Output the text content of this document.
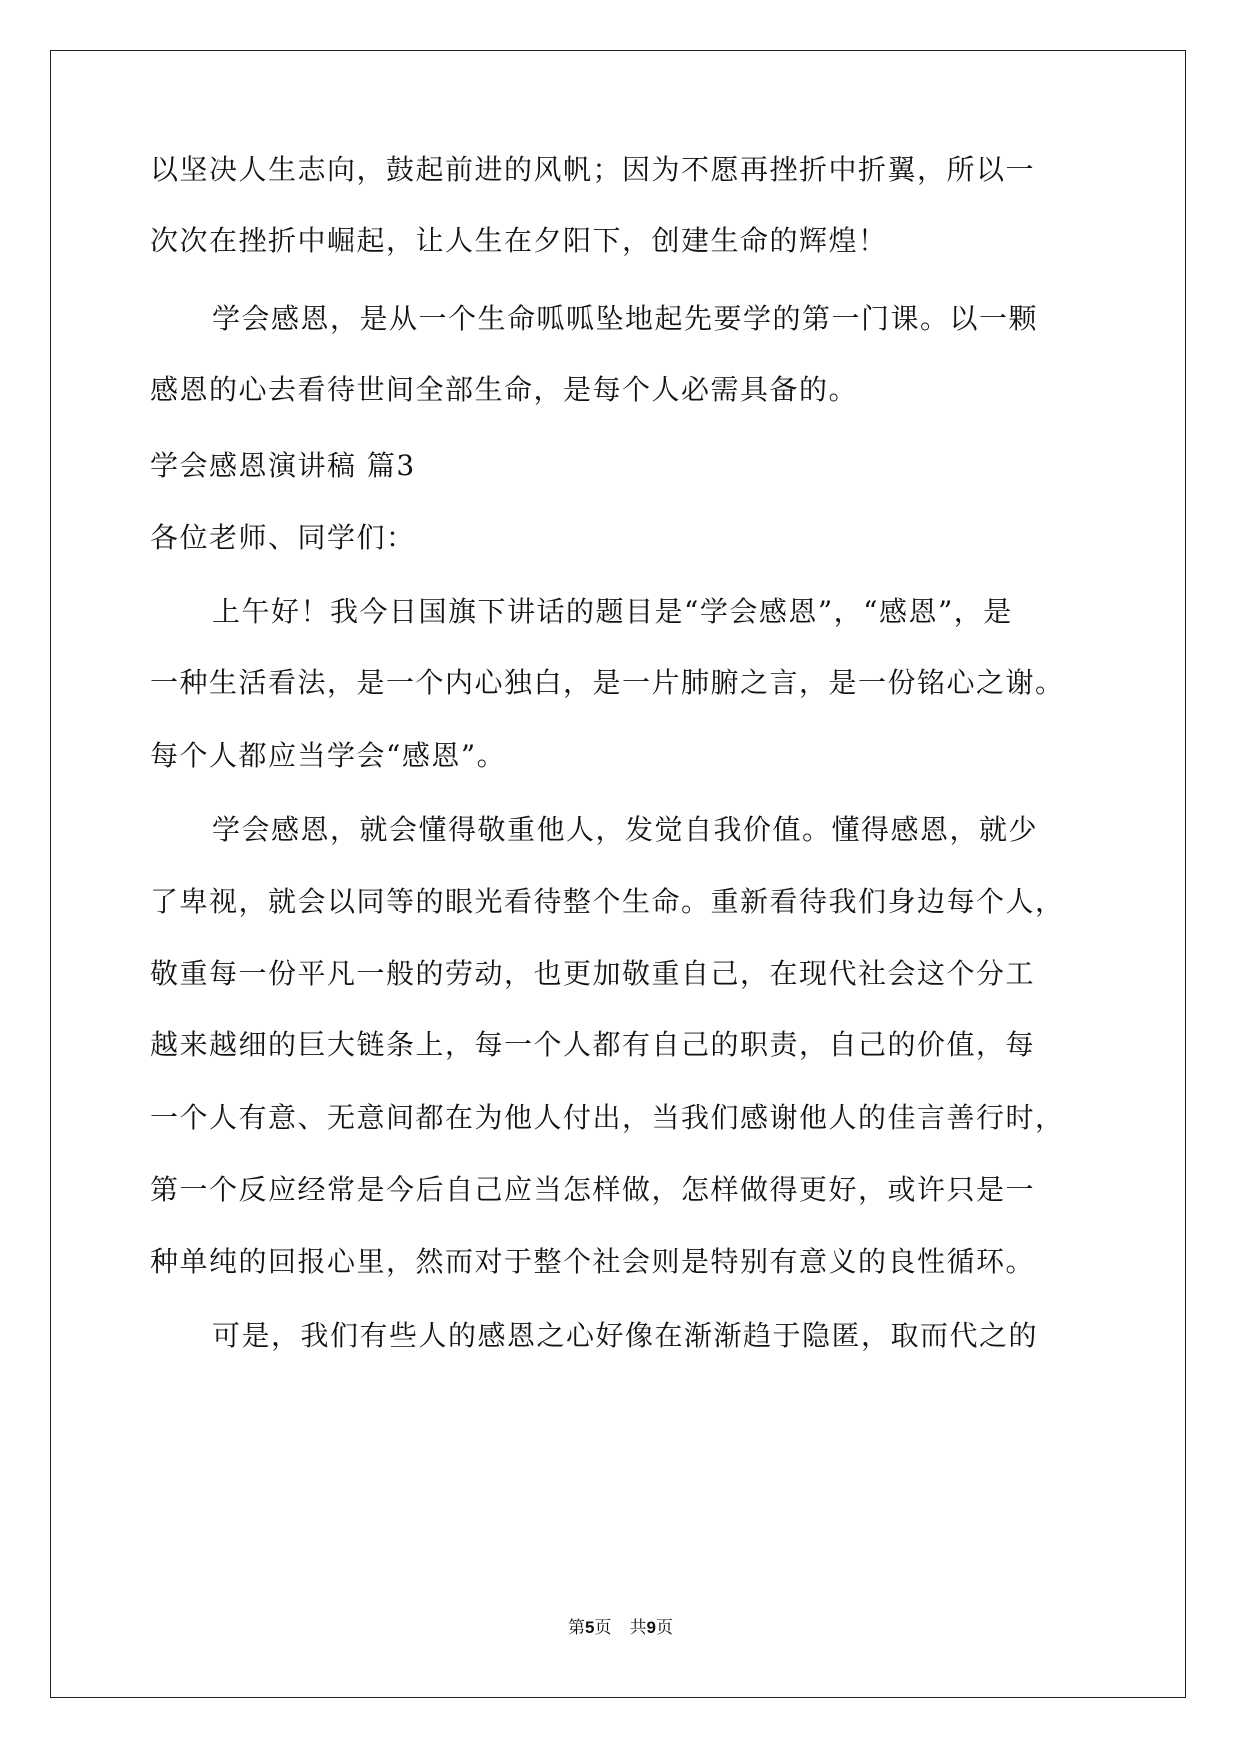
以坚决人生志向，鼓起前进的风帆；因为不愿再挫折中折翼，所以一
次次在挫折中崛起，让人生在夕阳下，创建生命的辉煌！
学会感恩，是从一个生命呱呱坠地起先要学的第一门课。以一颗
感恩的心去看待世间全部生命，是每个人必需具备的。
学会感恩演讲稿 篇3
各位老师、同学们：
上午好！我今日国旗下讲话的题目是“学会感恩”，“感恩”，是
一种生活看法，是一个内心独白，是一片肺腑之言，是一份铭心之谢。
每个人都应当学会“感恩”。
学会感恩，就会懂得敬重他人，发觉自我价值。懂得感恩，就少
了卑视，就会以同等的眼光看待整个生命。重新看待我们身边每个人，
敬重每一份平凡一般的劳动，也更加敬重自己，在现代社会这个分工
越来越细的巨大链条上，每一个人都有自己的职责，自己的价值，每
一个人有意、无意间都在为他人付出，当我们感谢他人的佳言善行时，
第一个反应经常是今后自己应当怎样做，怎样做得更好，或许只是一
种单纯的回报心里，然而对于整个社会则是特别有意义的良性循环。
可是，我们有些人的感恩之心好像在渐渐趋于隐匿，取而代之的
第5页 共9页
